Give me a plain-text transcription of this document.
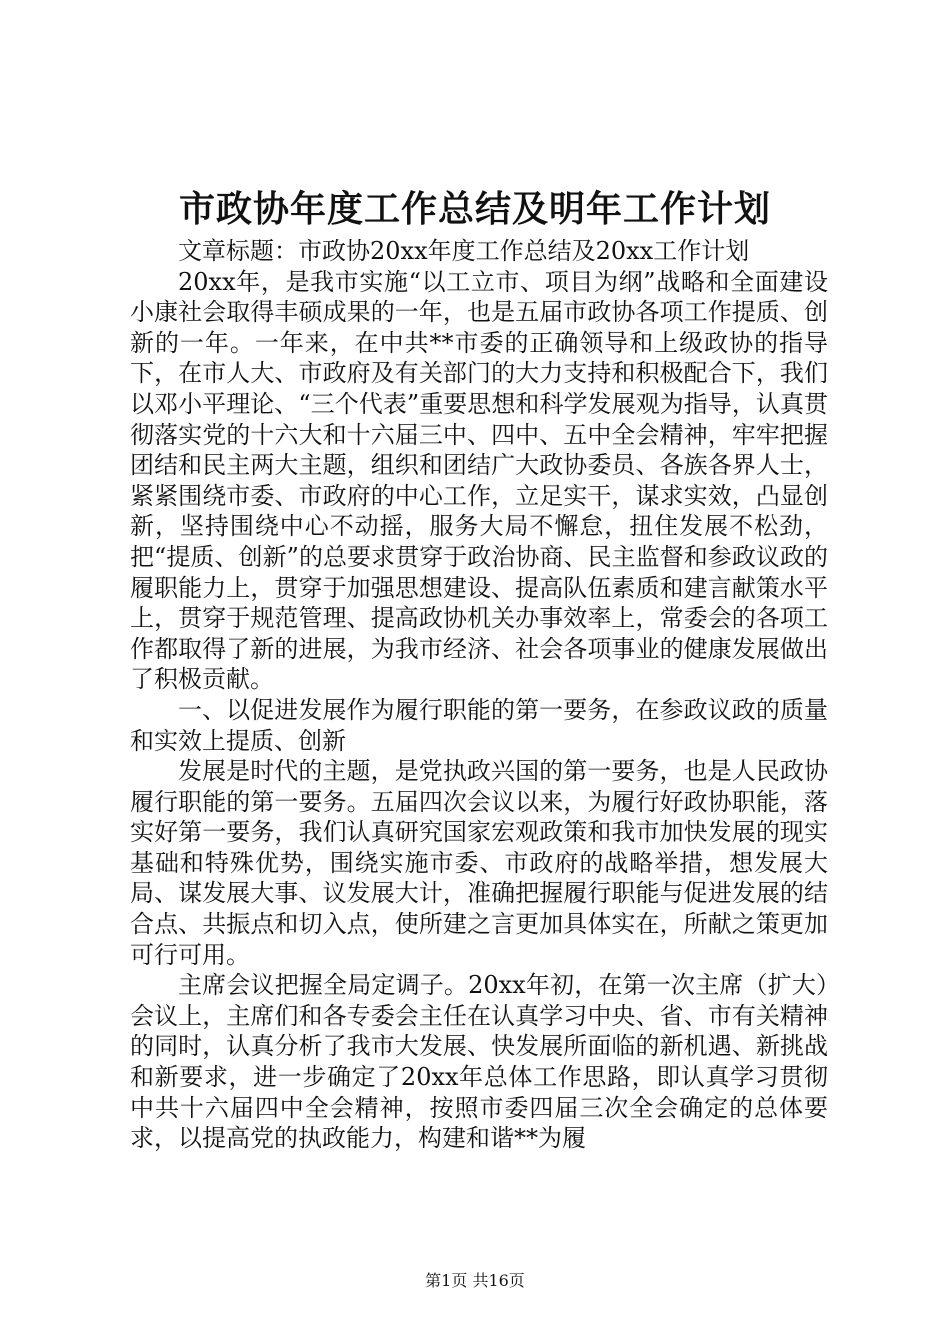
市政协年度工作总结及明年工作计划

文章标题：市政协20xx年度工作总结及20xx工作计划

20xx年，是我市实施“以工立市、项目为纲”战略和全面建设小康社会取得丰硕成果的一年，也是五届市政协各项工作提质、创新的一年。一年来，在中共**市委的正确领导和上级政协的指导下，在市人大、市政府及有关部门的大力支持和积极配合下，我们以邓小平理论、“三个代表”重要思想和科学发展观为指导，认真贯彻落实党的十六大和十六届三中、四中、五中全会精神，牢牢把握团结和民主两大主题，组织和团结广大政协委员、各族各界人士，紧紧围绕市委、市政府的中心工作，立足实干，谋求实效，凸显创新，坚持围绕中心不动摇，服务大局不懈怠，扭住发展不松劲，把“提质、创新”的总要求贯穿于政治协商、民主监督和参政议政的履职能力上，贯穿于加强思想建设、提高队伍素质和建言献策水平上，贯穿于规范管理、提高政协机关办事效率上，常委会的各项工作都取得了新的进展，为我市经济、社会各项事业的健康发展做出了积极贡献。

一、以促进发展作为履行职能的第一要务，在参政议政的质量和实效上提质、创新

发展是时代的主题，是党执政兴国的第一要务，也是人民政协履行职能的第一要务。五届四次会议以来，为履行好政协职能，落实好第一要务，我们认真研究国家宏观政策和我市加快发展的现实基础和特殊优势，围绕实施市委、市政府的战略举措，想发展大局、谋发展大事、议发展大计，准确把握履行职能与促进发展的结合点、共振点和切入点，使所建之言更加具体实在，所献之策更加可行可用。

主席会议把握全局定调子。20xx年初，在第一次主席（扩大）会议上，主席们和各专委会主任在认真学习中央、省、市有关精神的同时，认真分析了我市大发展、快发展所面临的新机遇、新挑战和新要求，进一步确定了20xx年总体工作思路，即认真学习贯彻中共十六届四中全会精神，按照市委四届三次全会确定的总体要求，以提高党的执政能力，构建和谐**为履

第1页 共16页
